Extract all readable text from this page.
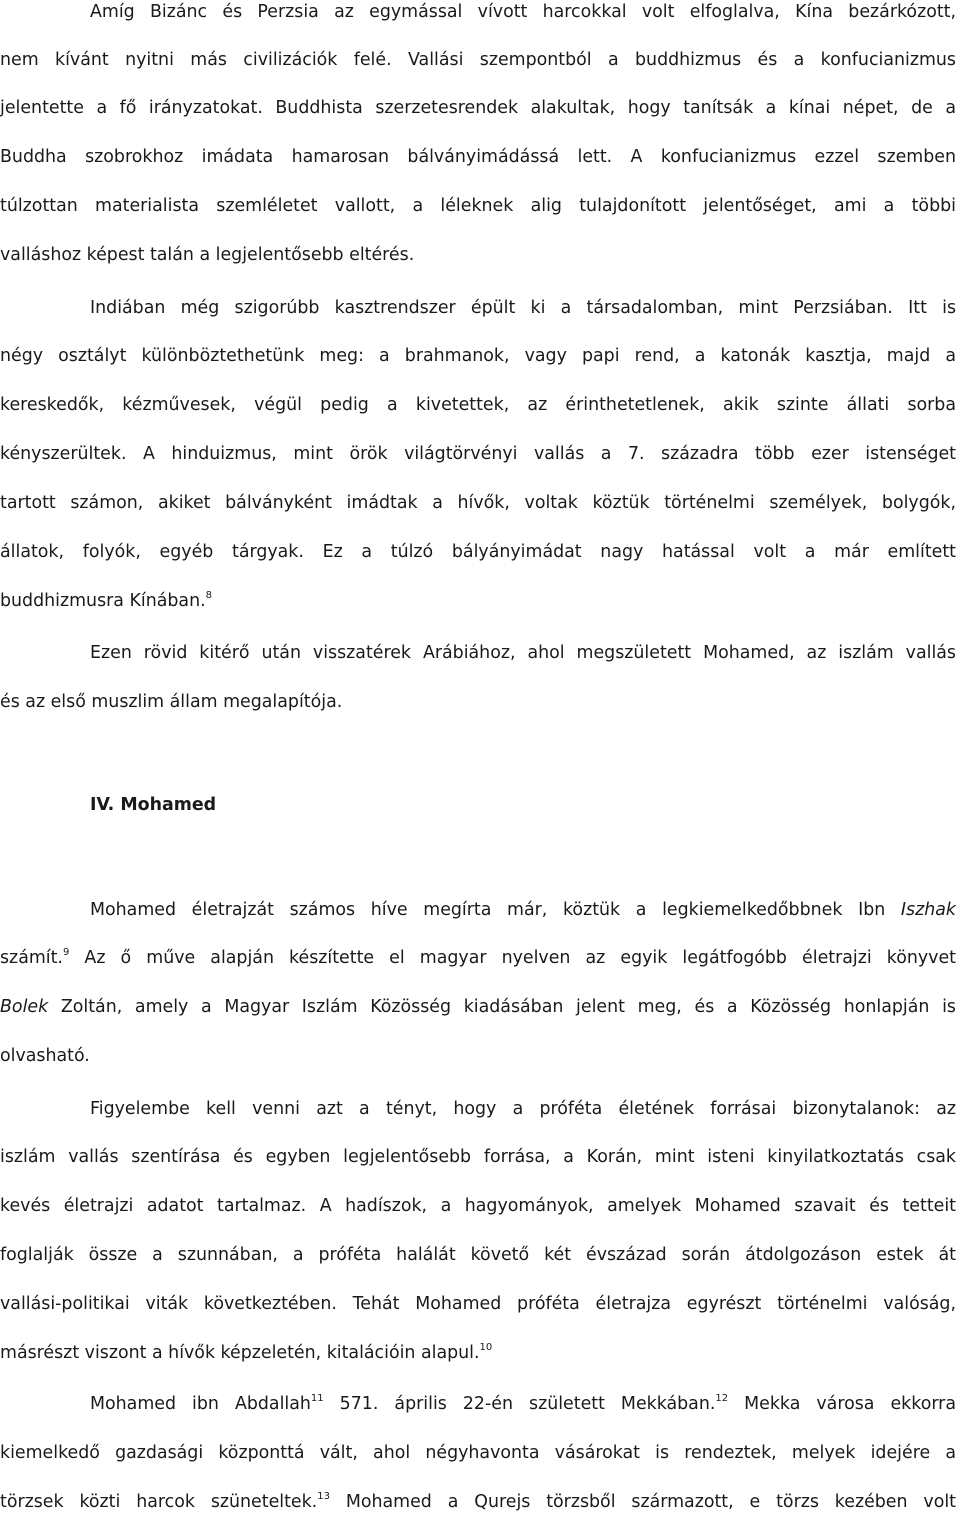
Amíg Bizánc és Perzsia az egymással vívott harcokkal volt elfoglalva, Kína bezárkózott,
nem kívánt nyitni más civilizációk felé. Vallási szempontból a buddhizmus és a konfucianizmus
jelentette a fő irányzatokat. Buddhista szerzetesrendek alakultak, hogy tanítsák a kínai népet, de a
Buddha szobrokhoz imádata hamarosan bálványimádássá lett. A konfucianizmus ezzel szemben
túlzottan materialista szemléletet vallott, a léleknek alig tulajdonított jelentőséget, ami a többi
valláshoz képest talán a legjelentősebb eltérés.
Indiában még szigorúbb kasztrendszer épült ki a társadalomban, mint Perzsiában. Itt is
négy osztályt különböztethetünk meg: a brahmanok, vagy papi rend, a katonák kasztja, majd a
kereskedők, kézművesek, végül pedig a kivetettek, az érinthetetlenek, akik szinte állati sorba
kényszerültek. A hinduizmus, mint örök világtörvényi vallás a 7. századra több ezer istenséget
tartott számon, akiket bálványként imádtak a hívők, voltak köztük történelmi személyek, bolygók,
állatok, folyók, egyéb tárgyak. Ez a túlzó bályányimádat nagy hatással volt a már említett
buddhizmusra Kínában.$^8$
Ezen rövid kitérő után visszatérek Arábiához, ahol megszületett Mohamed, az iszlám vallás
és az első muszlim állam megalapítója.
IV. Mohamed
Mohamed életrajzát számos híve megírta már, köztük a legkiemelkedőbbnek Ibn Iszhak
számít.$^9$ Az ő műve alapján készítette el magyar nyelven az egyik legátfogóbb életrajzi könyvet
Bolek Zoltán, amely a Magyar Iszlám Közösség kiadásában jelent meg, és a Közösség honlapján is
olvasható.
Figyelembe kell venni azt a tényt, hogy a próféta életének forrásai bizonytalanok: az
iszlám vallás szentírása és egyben legjelentősebb forrása, a Korán, mint isteni kinyilatkoztatás csak
kevés életrajzi adatot tartalmaz. A hadíszok, a hagyományok, amelyek Mohamed szavait és tetteit
foglalják össze a szunnában, a próféta halálát követő két évszázad során átdolgozáson estek át
vallási-politikai viták következtében. Tehát Mohamed próféta életrajza egyrészt történelmi valóság,
másrészt viszont a hívők képzeletén, kitalációin alapul.$^{10}$
Mohamed ibn Abdallah$^{11}$ 571. április 22-én született Mekkában.$^{12}$ Mekka városa ekkorra
kiemelkedő gazdasági központtá vált, ahol négyhavonta vásárokat is rendeztek, melyek idejére a
törzsek közti harcok szüneteltek.$^{13}$ Mohamed a Qurejs törzsből származott, e törzs kezében volt
